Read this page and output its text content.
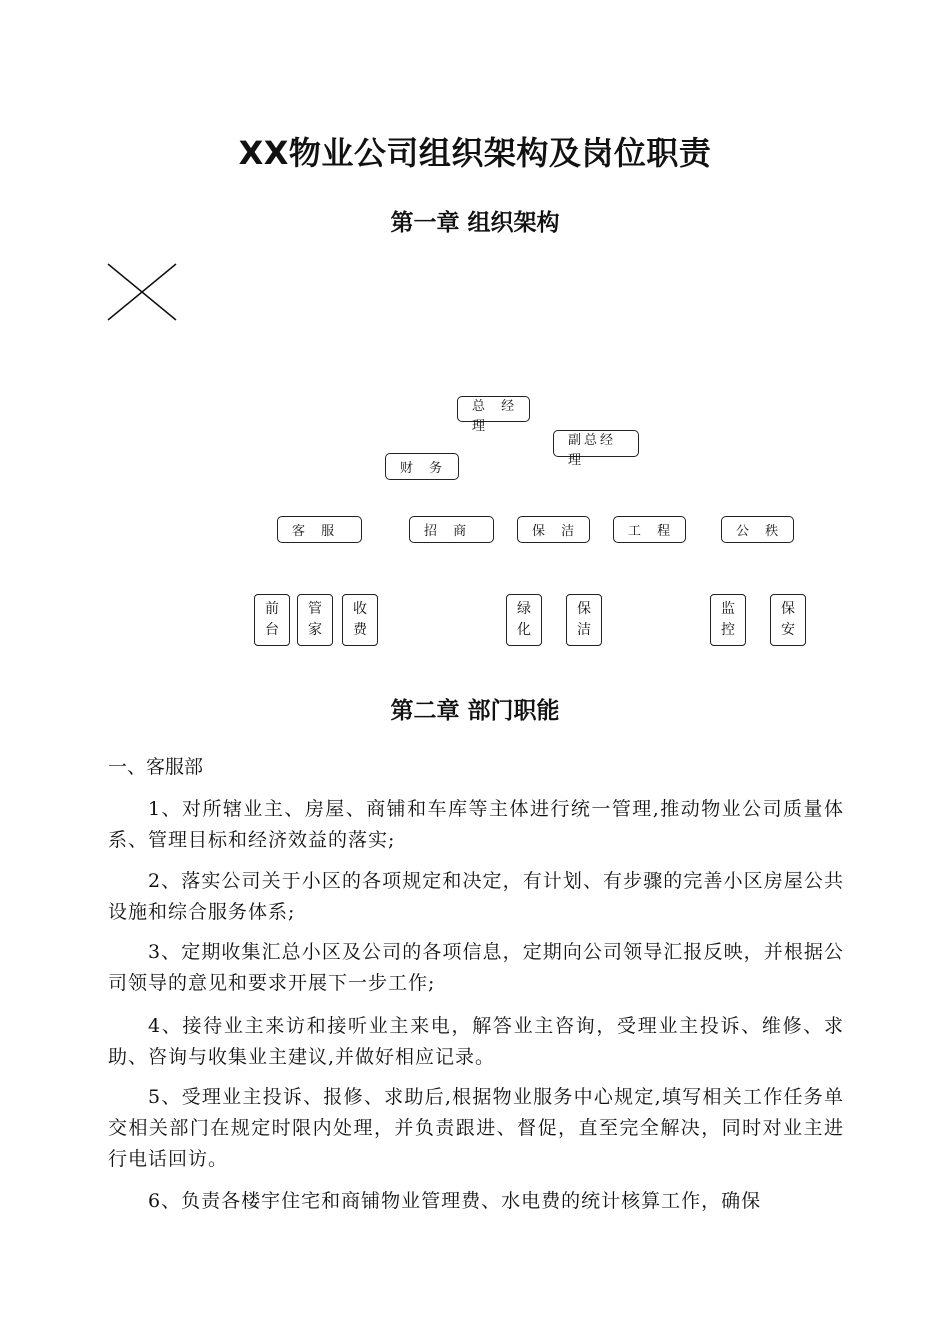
XX物业公司组织架构及岗位职责
第一章 组织架构
总 经
理
副总经
理
财 务
客 服	招 商	保 洁	工 程	公 秩
前
台
管
家
收
费
绿
化
保
洁
监
控
保
安
第二章 部门职能
一、客服部
1、对所辖业主、房屋、商铺和车库等主体进行统一管理,推动物业公司质量体系、管理目标和经济效益的落实;
2、落实公司关于小区的各项规定和决定，有计划、有步骤的完善小区房屋公共设施和综合服务体系;
3、定期收集汇总小区及公司的各项信息，定期向公司领导汇报反映，并根据公司领导的意见和要求开展下一步工作;
4、接待业主来访和接听业主来电，解答业主咨询，受理业主投诉、维修、求助、咨询与收集业主建议,并做好相应记录。
5、受理业主投诉、报修、求助后,根据物业服务中心规定,填写相关工作任务单交相关部门在规定时限内处理，并负责跟进、督促，直至完全解决，同时对业主进行电话回访。
6、负责各楼宇住宅和商铺物业管理费、水电费的统计核算工作，确保
